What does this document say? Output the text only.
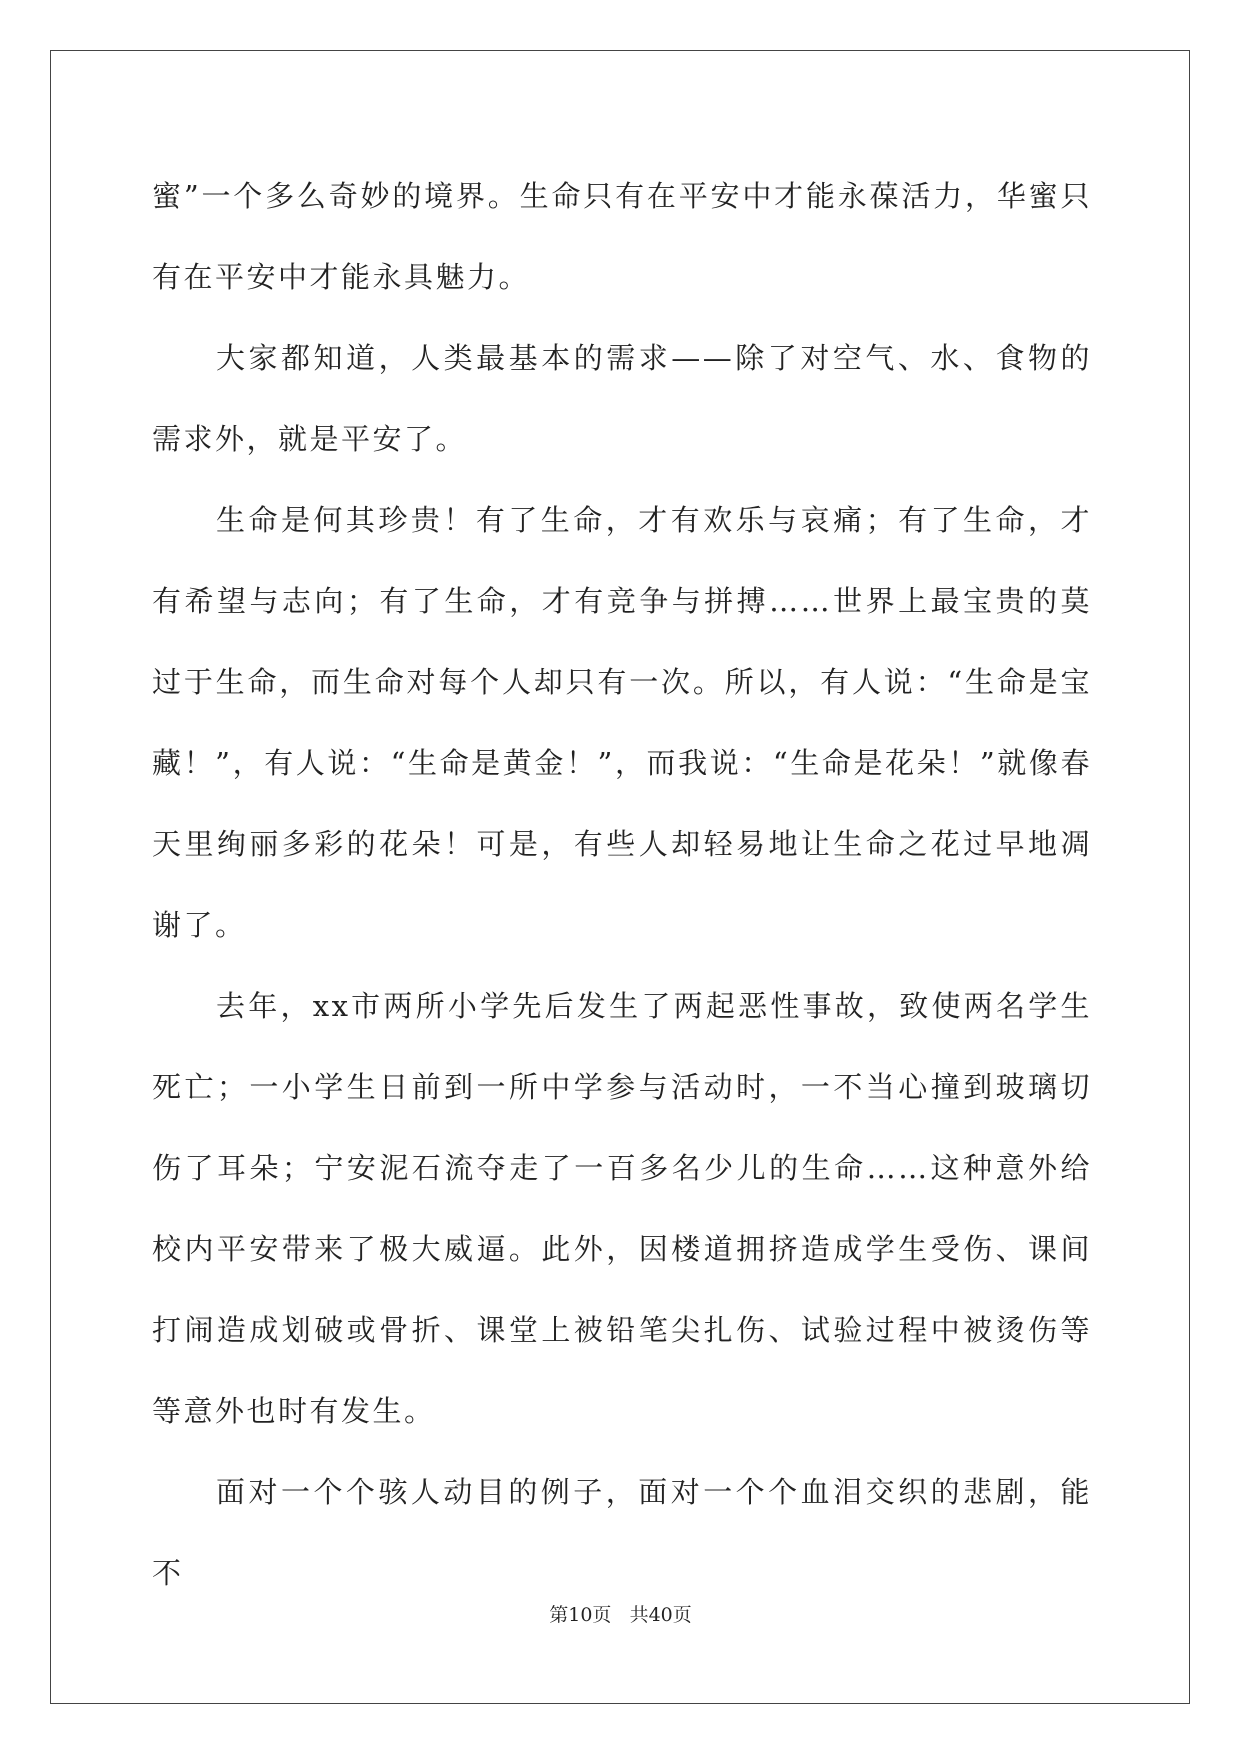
蜜”一个多么奇妙的境界。生命只有在平安中才能永葆活力，华蜜只有在平安中才能永具魅力。

大家都知道，人类最基本的需求——除了对空气、水、食物的需求外，就是平安了。

生命是何其珍贵！有了生命，才有欢乐与哀痛；有了生命，才有希望与志向；有了生命，才有竞争与拼搏……世界上最宝贵的莫过于生命，而生命对每个人却只有一次。所以，有人说：“生命是宝藏！”，有人说：“生命是黄金！”，而我说：“生命是花朵！”就像春天里绚丽多彩的花朵！可是，有些人却轻易地让生命之花过早地凋谢了。

去年，xx市两所小学先后发生了两起恶性事故，致使两名学生死亡；一小学生日前到一所中学参与活动时，一不当心撞到玻璃切伤了耳朵；宁安泥石流夺走了一百多名少儿的生命……这种意外给校内平安带来了极大威逼。此外，因楼道拥挤造成学生受伤、课间打闹造成划破或骨折、课堂上被铅笔尖扎伤、试验过程中被烫伤等等意外也时有发生。

面对一个个骇人动目的例子，面对一个个血泪交织的悲剧，能不

第10页 共40页
